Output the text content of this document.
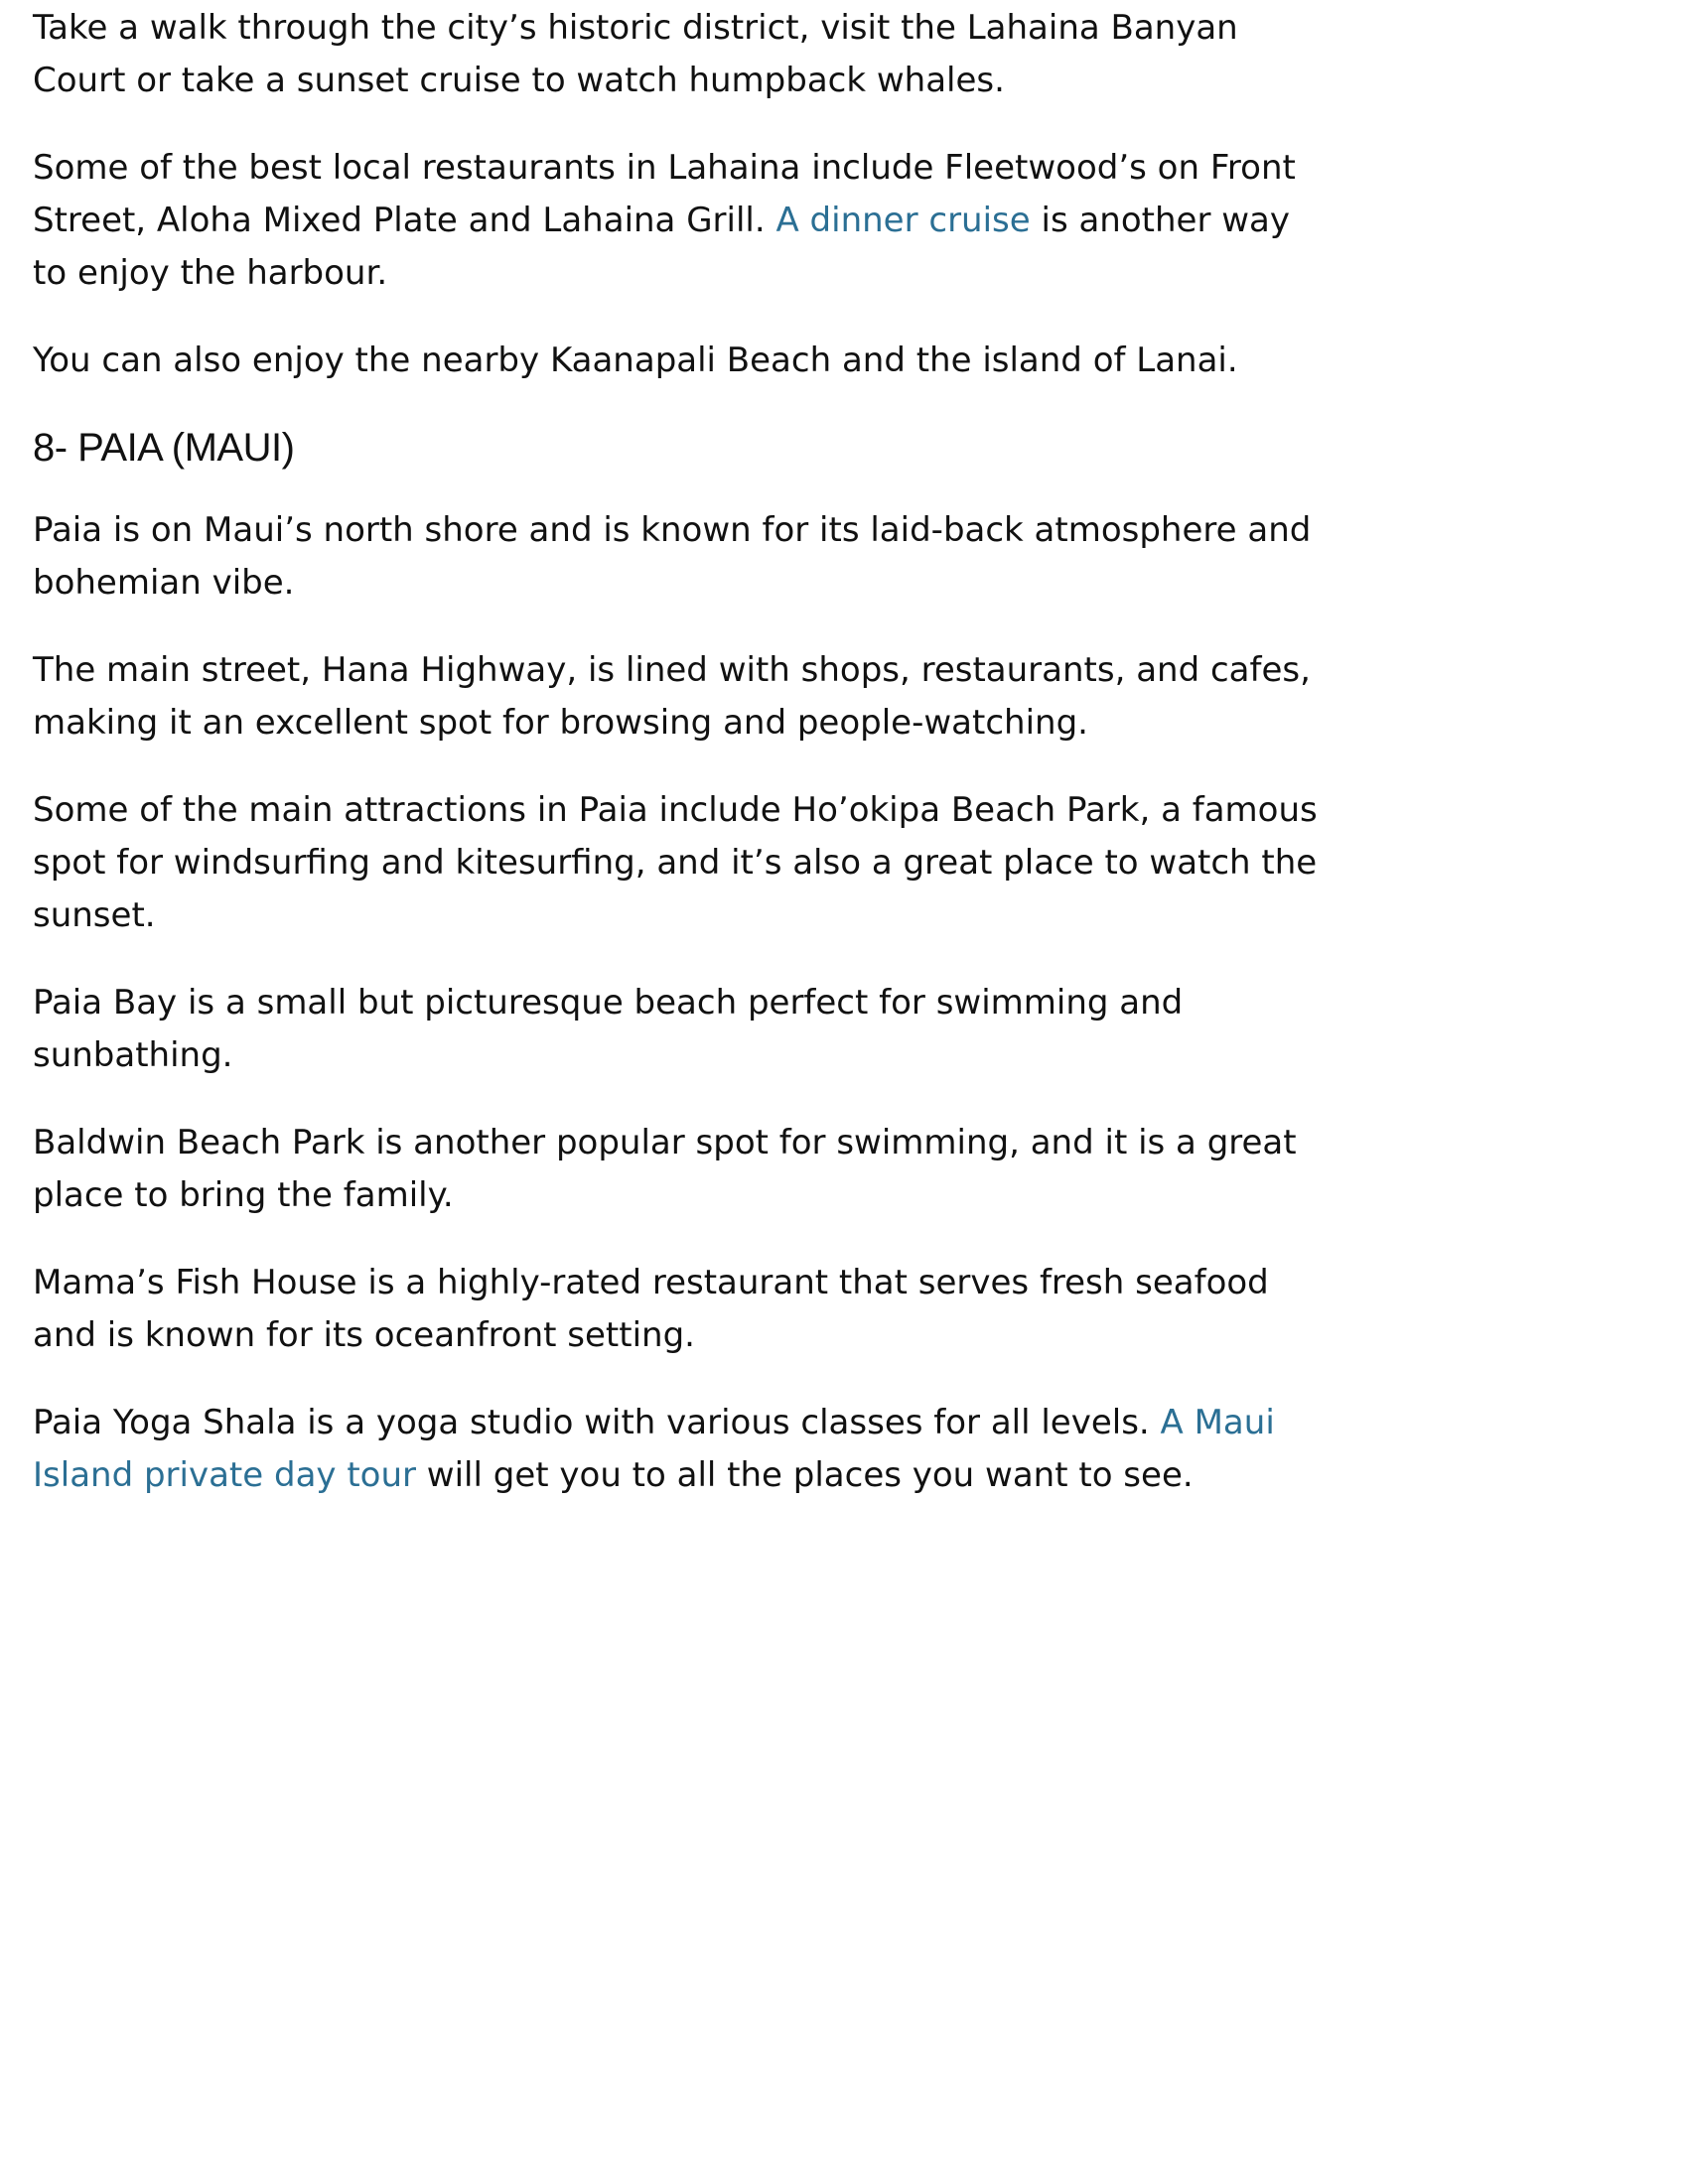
Take a walk through the city’s historic district, visit the Lahaina Banyan Court or take a sunset cruise to watch humpback whales.

Some of the best local restaurants in Lahaina include Fleetwood’s on Front Street, Aloha Mixed Plate and Lahaina Grill. A dinner cruise is another way to enjoy the harbour.

You can also enjoy the nearby Kaanapali Beach and the island of Lanai.

8- PAIA (MAUI)

Paia is on Maui’s north shore and is known for its laid-back atmosphere and bohemian vibe.

The main street, Hana Highway, is lined with shops, restaurants, and cafes, making it an excellent spot for browsing and people-watching.

Some of the main attractions in Paia include Ho’okipa Beach Park, a famous spot for windsurfing and kitesurfing, and it’s also a great place to watch the sunset.

Paia Bay is a small but picturesque beach perfect for swimming and sunbathing.

Baldwin Beach Park is another popular spot for swimming, and it is a great place to bring the family.

Mama’s Fish House is a highly-rated restaurant that serves fresh seafood and is known for its oceanfront setting.

Paia Yoga Shala is a yoga studio with various classes for all levels. A Maui Island private day tour will get you to all the places you want to see.
